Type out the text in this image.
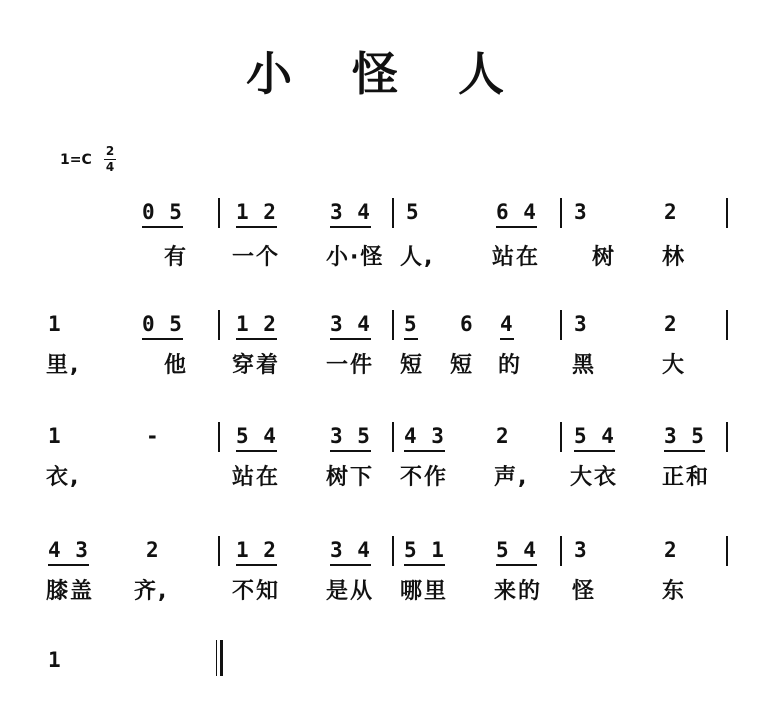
小 怪 人
1=C
2
4
0 5	1 2	3 4 5	6 4 3	2
有 一个 小·怪 人,	站在 树 林
1	0 5	1 2	3 4 5 6 4	3	2
里,	他 穿着 一件 短 短 的 黑	大
1	-	5 4	3 5 4 3 2	5 4 3 5
衣,	站在 树下 不作 声, 大衣 正和
4 3	2	1 2	3 4 5 1 5 4 3	2
膝盖 齐,	不知 是从 哪里 来的 怪	东
1
